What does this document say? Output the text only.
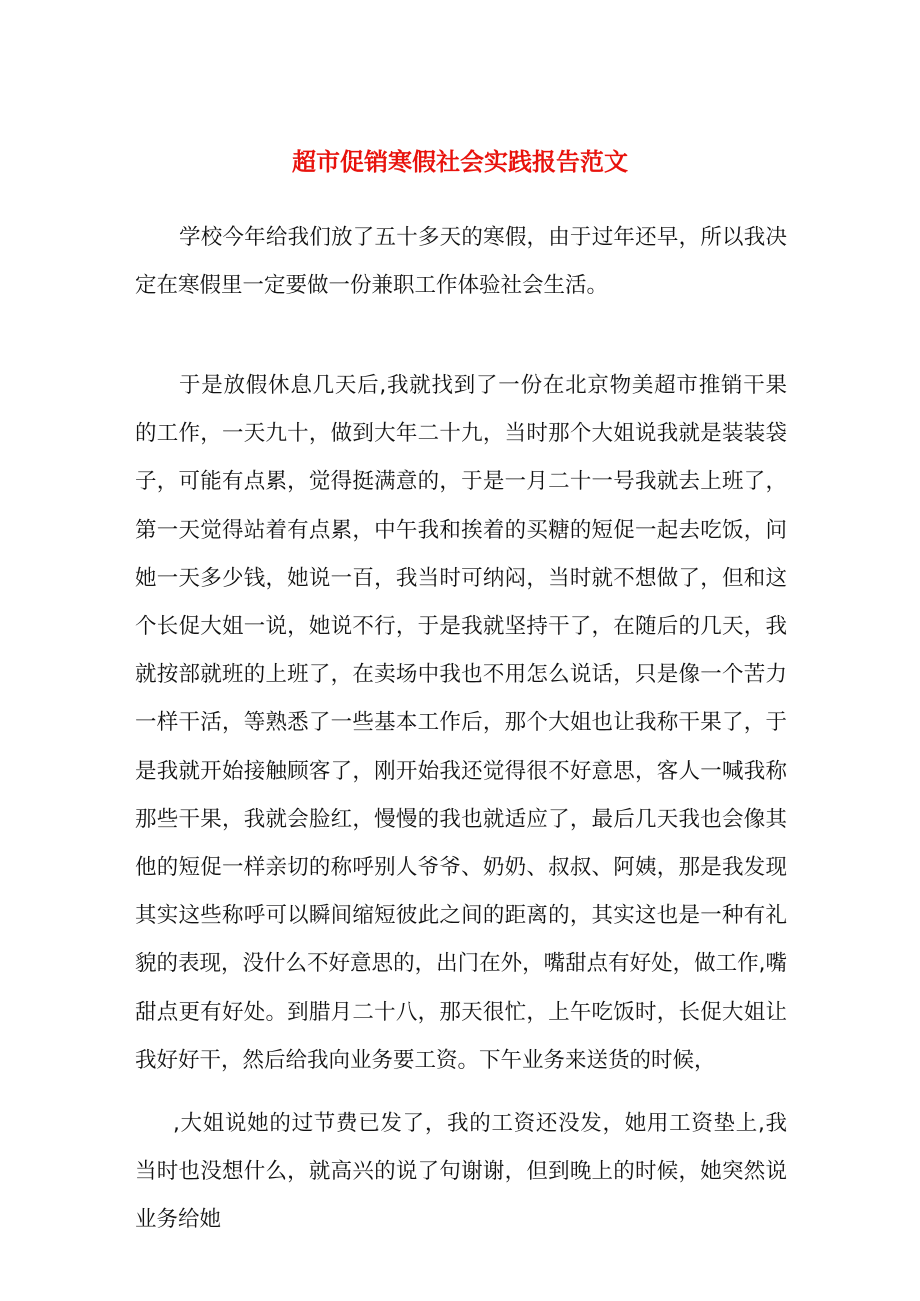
超市促销寒假社会实践报告范文

学校今年给我们放了五十多天的寒假，由于过年还早，所以我决定在寒假里一定要做一份兼职工作体验社会生活。

于是放假休息几天后,我就找到了一份在北京物美超市推销干果的工作，一天九十，做到大年二十九，当时那个大姐说我就是装装袋子，可能有点累，觉得挺满意的，于是一月二十一号我就去上班了，第一天觉得站着有点累，中午我和挨着的买糖的短促一起去吃饭，问她一天多少钱，她说一百，我当时可纳闷，当时就不想做了，但和这个长促大姐一说，她说不行，于是我就坚持干了，在随后的几天，我就按部就班的上班了，在卖场中我也不用怎么说话，只是像一个苦力一样干活，等熟悉了一些基本工作后，那个大姐也让我称干果了，于是我就开始接触顾客了，刚开始我还觉得很不好意思，客人一喊我称那些干果，我就会脸红，慢慢的我也就适应了，最后几天我也会像其他的短促一样亲切的称呼别人爷爷、奶奶、叔叔、阿姨，那是我发现其实这些称呼可以瞬间缩短彼此之间的距离的，其实这也是一种有礼貌的表现，没什么不好意思的，出门在外，嘴甜点有好处，做工作,嘴甜点更有好处。到腊月二十八，那天很忙，上午吃饭时，长促大姐让我好好干，然后给我向业务要工资。下午业务来送货的时候，

,大姐说她的过节费已发了，我的工资还没发，她用工资垫上,我当时也没想什么，就高兴的说了句谢谢，但到晚上的时候，她突然说业务给她
